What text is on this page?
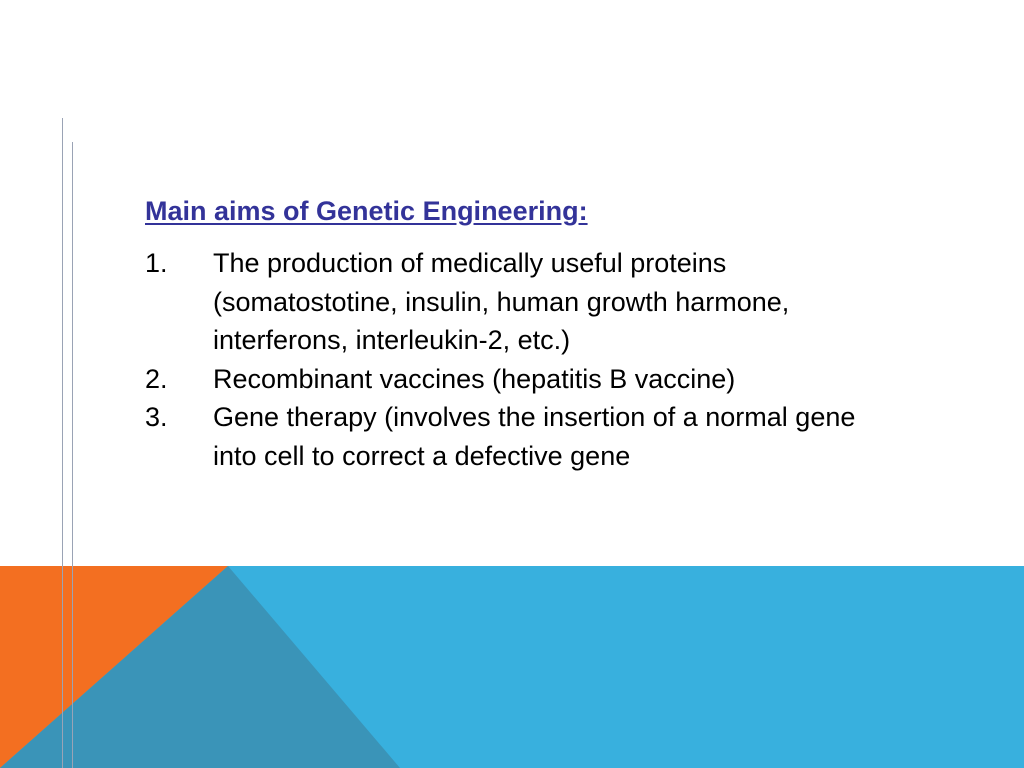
Main aims of Genetic Engineering:
1.	The production of medically useful proteins
(somatostotine, insulin, human growth harmone,
interferons, interleukin-2, etc.)
2.	Recombinant vaccines (hepatitis B vaccine)
3.	Gene therapy (involves the insertion of a normal gene
into cell to correct a defective gene
